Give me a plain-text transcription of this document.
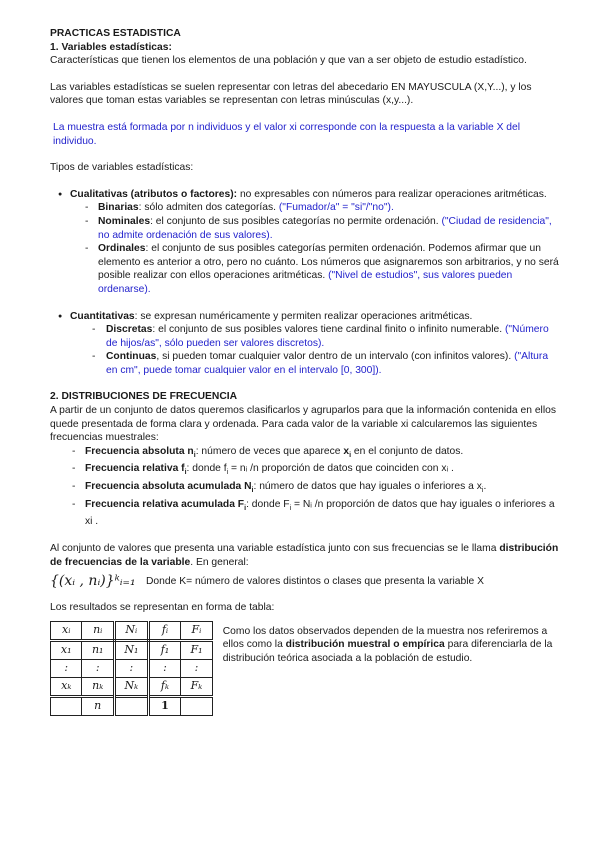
PRACTICAS ESTADISTICA

1. Variables estadísticas:

Características que tienen los elementos de una población y que van a ser objeto de estudio estadístico.

Las variables estadísticas se suelen representar con letras del abecedario EN MAYUSCULA (X,Y...), y los valores que toman estas variables se representan con letras minúsculas (x,y...).

La muestra está formada por n individuos y el valor xi corresponde con la respuesta a la variable X del individuo.

Tipos de variables estadísticas:

● Cualitativas (atributos o factores): no expresables con números para realizar operaciones aritméticas.
- Binarias: sólo admiten dos categorías. ("Fumador/a" = "si"/"no").
- Nominales: el conjunto de sus posibles categorías no permite ordenación. ("Ciudad de residencia", no admite ordenación de sus valores).
- Ordinales: el conjunto de sus posibles categorías permiten ordenación. Podemos afirmar que un elemento es anterior a otro, pero no cuánto. Los números que asignaremos son arbitrarios, y no será posible realizar con ellos operaciones aritméticas. ("Nivel de estudios", sus valores pueden ordenarse).
● Cuantitativas: se expresan numéricamente y permiten realizar operaciones aritméticas.
- Discretas: el conjunto de sus posibles valores tiene cardinal finito o infinito numerable. ("Número de hijos/as", sólo pueden ser valores discretos).
- Continuas, si pueden tomar cualquier valor dentro de un intervalo (con infinitos valores). ("Altura en cm", puede tomar cualquier valor en el intervalo [0, 300]).

2. DISTRIBUCIONES DE FRECUENCIA

A partir de un conjunto de datos queremos clasificarlos y agruparlos para que la información contenida en ellos quede presentada de forma clara y ordenada. Para cada valor de la variable xi calcularemos las siguientes frecuencias muestrales:

- Frecuencia absoluta $n_i$: número de veces que aparece $x_i$ en el conjunto de datos.
- Frecuencia relativa $f_i$: donde $f_i$ = nᵢ /n proporción de datos que coinciden con xᵢ .
- Frecuencia absoluta acumulada $N_i$: número de datos que hay iguales o inferiores a $x_i$.
- Frecuencia relativa acumulada $F_i$: donde $F_i$ = Nᵢ /n proporción de datos que hay iguales o inferiores a xi .

Al conjunto de valores que presenta una variable estadística junto con sus frecuencias se le llama distribución de frecuencias de la variable. En general:

{(xᵢ , nᵢ)}ᵏᵢ₌₁	Donde K= número de valores distintos o clases que presenta la variable X

Los resultados se representan en forma de tabla:

xᵢ	nᵢ	Nᵢ	fᵢ	Fᵢ
x₁	n₁	N₁	f₁	F₁
:	:	:	:	:
xₖ	nₖ	Nₖ	fₖ	Fₖ
	n		1	

Como los datos observados dependen de la muestra nos referiremos a ellos como la distribución muestral o empírica para diferenciarla de la distribución teórica asociada a la población de estudio.
